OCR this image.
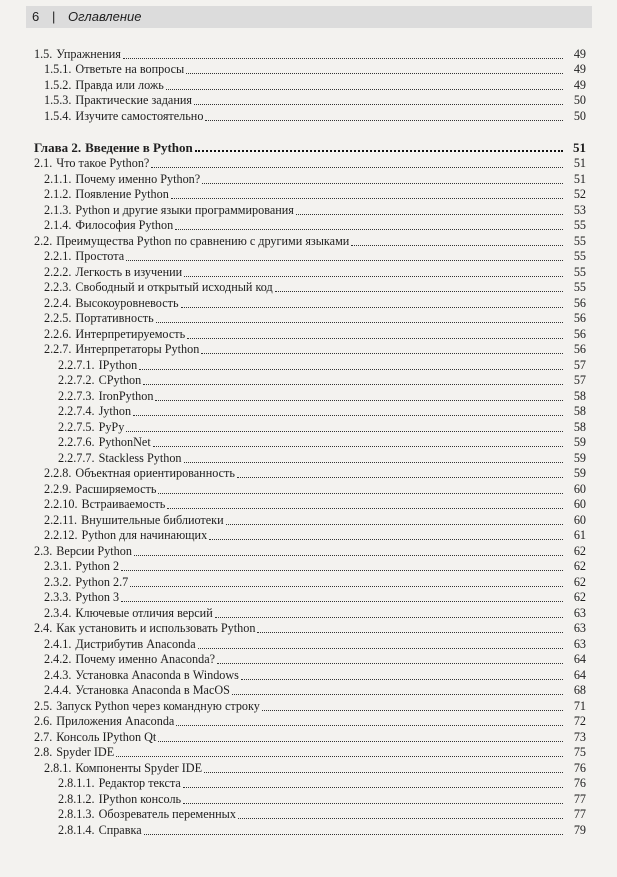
6 | Оглавление
1.5. Упражнения	49
1.5.1. Ответьте на вопросы	49
1.5.2. Правда или ложь	49
1.5.3. Практические задания	50
1.5.4. Изучите самостоятельно	50
Глава 2. Введение в Python	51
2.1. Что такое Python?	51
2.1.1. Почему именно Python?	51
2.1.2. Появление Python	52
2.1.3. Python и другие языки программирования	53
2.1.4. Философия Python	55
2.2. Преимущества Python по сравнению с другими языками	55
2.2.1. Простота	55
2.2.2. Легкость в изучении	55
2.2.3. Свободный и открытый исходный код	55
2.2.4. Высокоуровневость	56
2.2.5. Портативность	56
2.2.6. Интерпретируемость	56
2.2.7. Интерпретаторы Python	56
2.2.7.1. IPython	57
2.2.7.2. CPython	57
2.2.7.3. IronPython	58
2.2.7.4. Jython	58
2.2.7.5. PyPy	58
2.2.7.6. PythonNet	59
2.2.7.7. Stackless Python	59
2.2.8. Объектная ориентированность	59
2.2.9. Расширяемость	60
2.2.10. Встраиваемость	60
2.2.11. Внушительные библиотеки	60
2.2.12. Python для начинающих	61
2.3. Версии Python	62
2.3.1. Python 2	62
2.3.2. Python 2.7	62
2.3.3. Python 3	62
2.3.4. Ключевые отличия версий	63
2.4. Как установить и использовать Python	63
2.4.1. Дистрибутив Anaconda	63
2.4.2. Почему именно Anaconda?	64
2.4.3. Установка Anaconda в Windows	64
2.4.4. Установка Anaconda в MacOS	68
2.5. Запуск Python через командную строку	71
2.6. Приложения Anaconda	72
2.7. Консоль IPython Qt	73
2.8. Spyder IDE	75
2.8.1. Компоненты Spyder IDE	76
2.8.1.1. Редактор текста	76
2.8.1.2. IPython консоль	77
2.8.1.3. Обозреватель переменных	77
2.8.1.4. Справка	79
